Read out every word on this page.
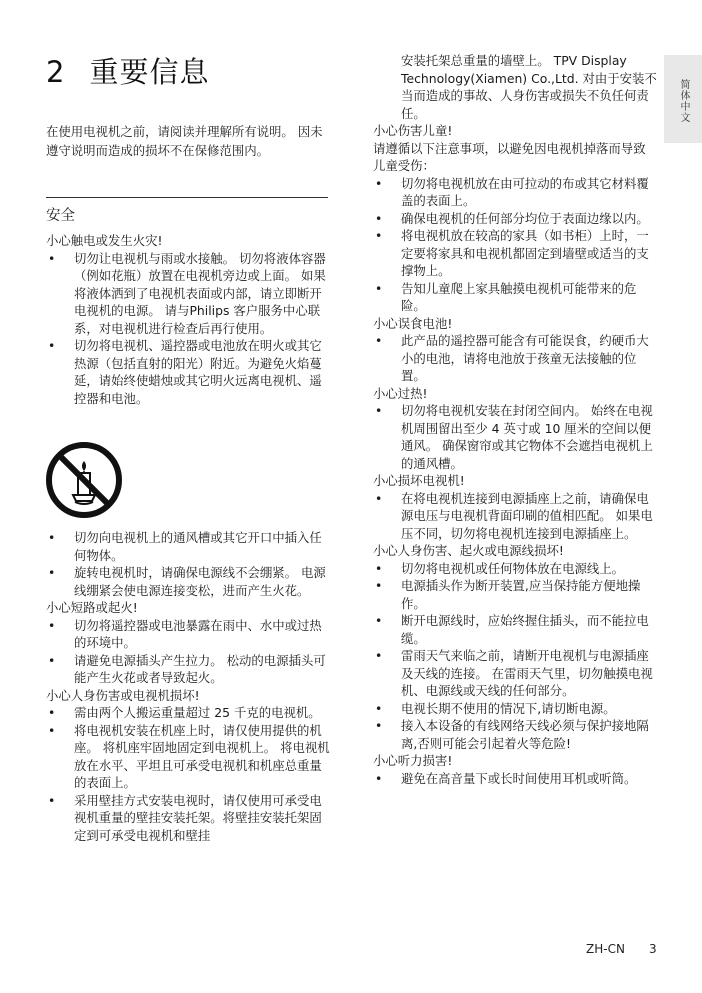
2 重要信息

在使用电视机之前，请阅读并理解所有说明。 因未遵守说明而造成的损坏不在保修范围内。

安全

小心触电或发生火灾!

• 切勿让电视机与雨或水接触。 切勿将液体容器（例如花瓶）放置在电视机旁边或上面。 如果将液体洒到了电视机表面或内部，请立即断开电视机的电源。 请与Philips 客户服务中心联系，对电视机进行检查后再行使用。
• 切勿将电视机、遥控器或电池放在明火或其它热源（包括直射的阳光）附近。为避免火焰蔓延，请始终使蜡烛或其它明火远离电视机、遥控器和电池。
• 切勿向电视机上的通风槽或其它开口中插入任何物体。
• 旋转电视机时，请确保电源线不会绷紧。 电源线绷紧会使电源连接变松，进而产生火花。

小心短路或起火!

• 切勿将遥控器或电池暴露在雨中、水中或过热的环境中。
• 请避免电源插头产生拉力。 松动的电源插头可能产生火花或者导致起火。

小心人身伤害或电视机损坏!

• 需由两个人搬运重量超过 25 千克的电视机。
• 将电视机安装在机座上时，请仅使用提供的机座。 将机座牢固地固定到电视机上。 将电视机放在水平、平坦且可承受电视机和机座总重量的表面上。
• 采用壁挂方式安装电视时，请仅使用可承受电视机重量的壁挂安装托架。将壁挂安装托架固定到可承受电视机和壁挂

安装托架总重量的墙壁上。 TPV Display Technology(Xiamen) Co.,Ltd. 对由于安装不当而造成的事故、人身伤害或损失不负任何责任。

小心伤害儿童!

请遵循以下注意事项，以避免因电视机掉落而导致儿童受伤：

• 切勿将电视机放在由可拉动的布或其它材料覆盖的表面上。
• 确保电视机的任何部分均位于表面边缘以内。
• 将电视机放在较高的家具（如书柜）上时，一定要将家具和电视机都固定到墙壁或适当的支撑物上。
• 告知儿童爬上家具触摸电视机可能带来的危险。

小心误食电池!

• 此产品的遥控器可能含有可能误食，约硬币大小的电池，请将电池放于孩童无法接触的位置。

小心过热!

• 切勿将电视机安装在封闭空间内。 始终在电视机周围留出至少 4 英寸或 10 厘米的空间以便通风。 确保窗帘或其它物体不会遮挡电视机上的通风槽。

小心损坏电视机!

• 在将电视机连接到电源插座上之前，请确保电源电压与电视机背面印刷的值相匹配。 如果电压不同，切勿将电视机连接到电源插座上。

小心人身伤害、起火或电源线损坏!

• 切勿将电视机或任何物体放在电源线上。
• 电源插头作为断开装置,应当保持能方便地操作。
• 断开电源线时，应始终握住插头，而不能拉电缆。
• 雷雨天气来临之前，请断开电视机与电源插座及天线的连接。 在雷雨天气里，切勿触摸电视机、电源线或天线的任何部分。
• 电视长期不使用的情况下,请切断电源。
• 接入本设备的有线网络天线必须与保护接地隔离,否则可能会引起着火等危险!

小心听力损害!

• 避免在高音量下或长时间使用耳机或听筒。
简体中文
ZH-CN 3
